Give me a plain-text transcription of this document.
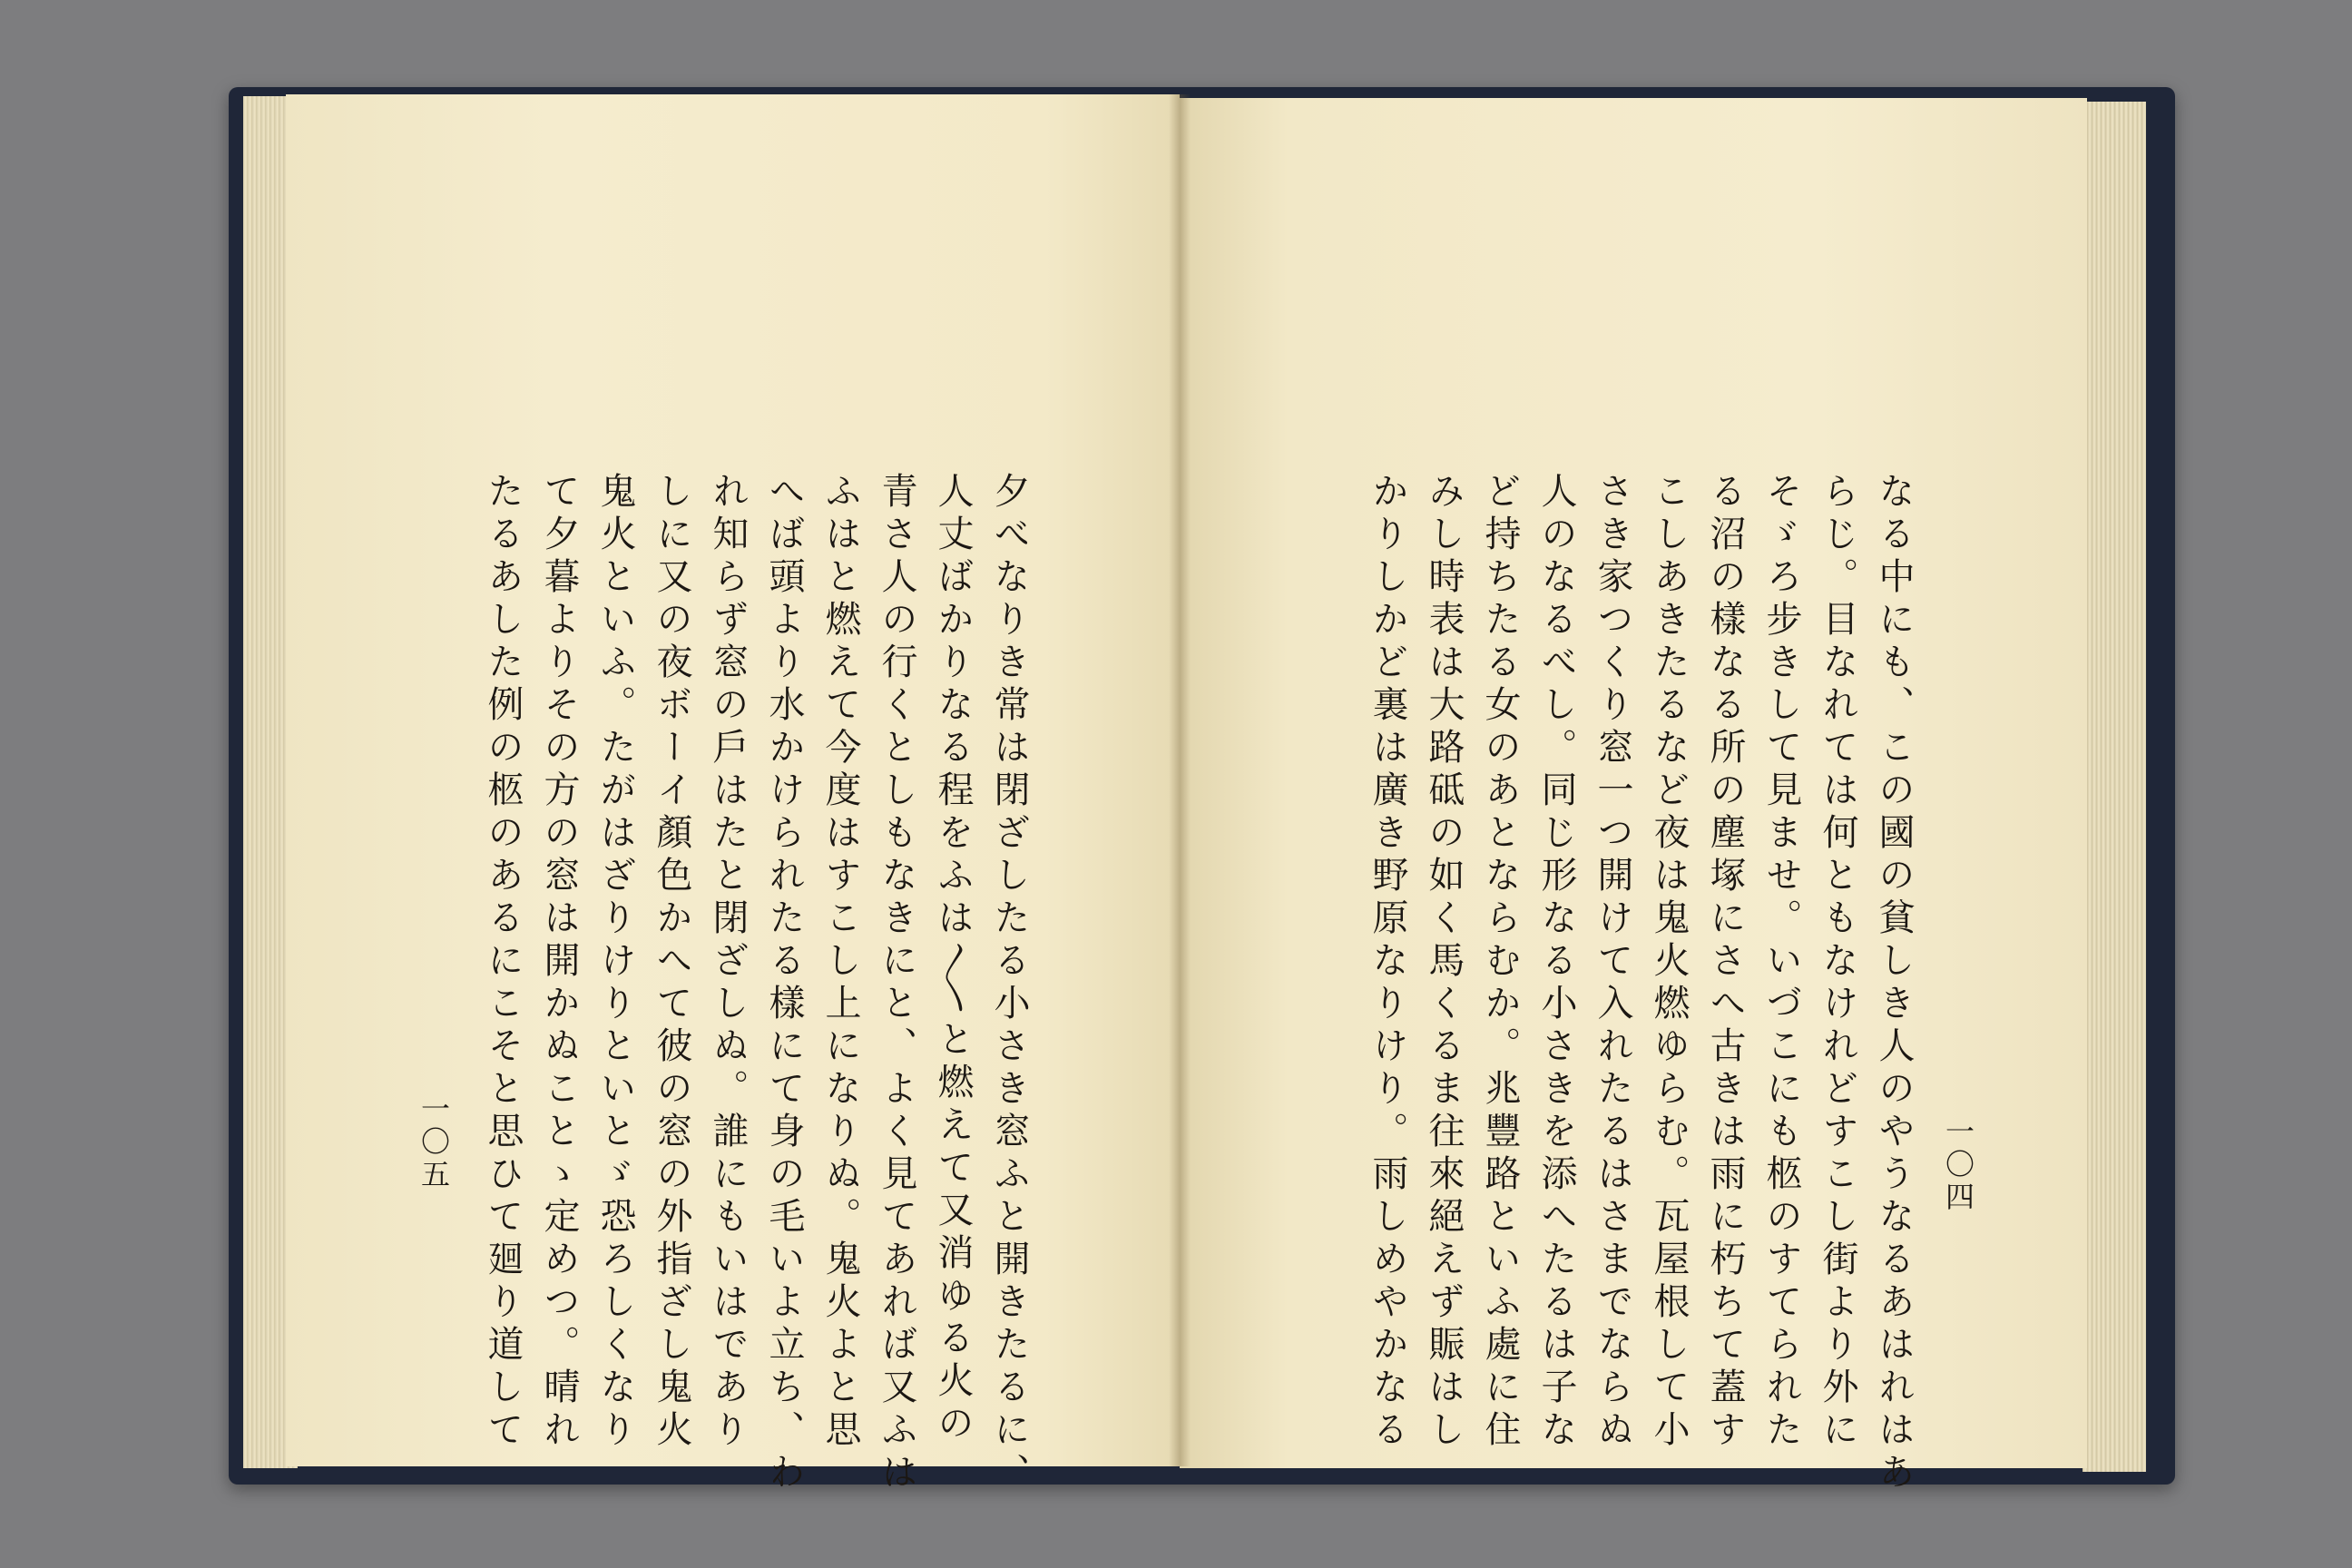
夕べなりき常は閉ざしたる小さき窓ふと開きたるに、

人丈ばかりなる程をふは〳〵と燃えて又消ゆる火の

青さ人の行くとしもなきにと、よく見てあれば又ふは

ふはと燃えて今度はすこし上になりぬ。鬼火よと思

へば頭より水かけられたる樣にて身の毛いよ立ち、わ

れ知らず窓の戶はたと閉ざしぬ。誰にもいはであり

しに又の夜ボーイ顏色かへて彼の窓の外指ざし鬼火

鬼火といふ。たがはざりけりといとゞ恐ろしくなり

て夕暮よりその方の窓は開かぬことゝ定めつ。晴れ

たるあした例の柩のあるにこそと思ひて廻り道して

一〇五	なる中にも、この國の貧しき人のやうなるあはれはあ

らじ。目なれては何ともなけれどすこし街より外に

そゞろ步きして見ませ。いづこにも柩のすてられた

る沼の樣なる所の塵塚にさへ古きは雨に朽ちて蓋す

こしあきたるなど夜は鬼火燃ゆらむ。瓦屋根して小

さき家つくり窓一つ開けて入れたるはさまでならぬ

人のなるべし。同じ形なる小さきを添へたるは子な

ど持ちたる女のあとならむか。兆豐路といふ處に住

みし時表は大路砥の如く馬くるま往來絕えず賑はし

かりしかど裏は廣き野原なりけり。雨しめやかなる	一〇四
